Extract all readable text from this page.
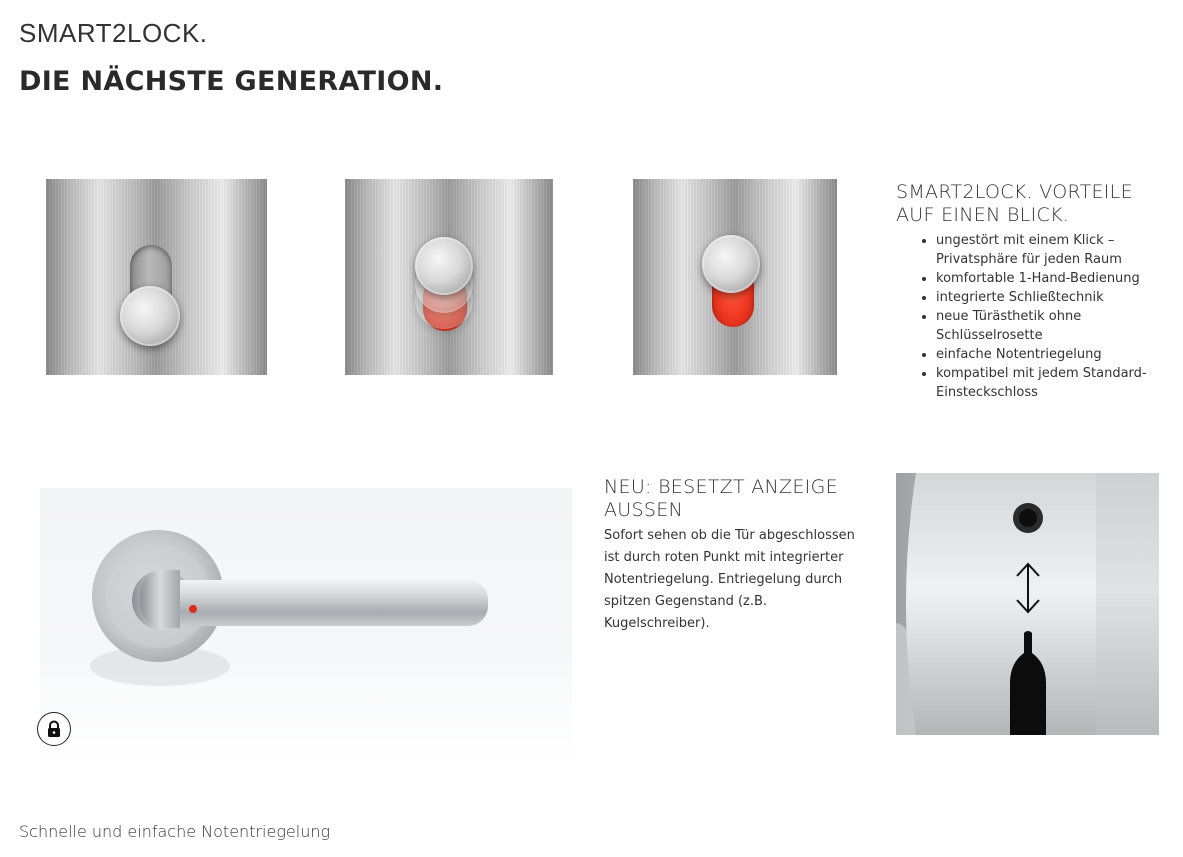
SMART2LOCK.
DIE NÄCHSTE GENERATION.
SMART2LOCK. VORTEILE
AUF EINEN BLICK.
• ungestört mit einem Klick – Privatsphäre für jeden Raum
• komfortable 1-Hand-Bedienung
• integrierte Schließtechnik
• neue Türästhetik ohne Schlüsselrosette
• einfache Notentriegelung
• kompatibel mit jedem Standard-Einsteckschloss
NEU: BESETZT ANZEIGE
AUSSEN
Sofort sehen ob die Tür abgeschlossen ist durch roten Punkt mit integrierter Notentriegelung. Entriegelung durch spitzen Gegenstand (z.B. Kugelschreiber).
Schnelle und einfache Notentriegelung
